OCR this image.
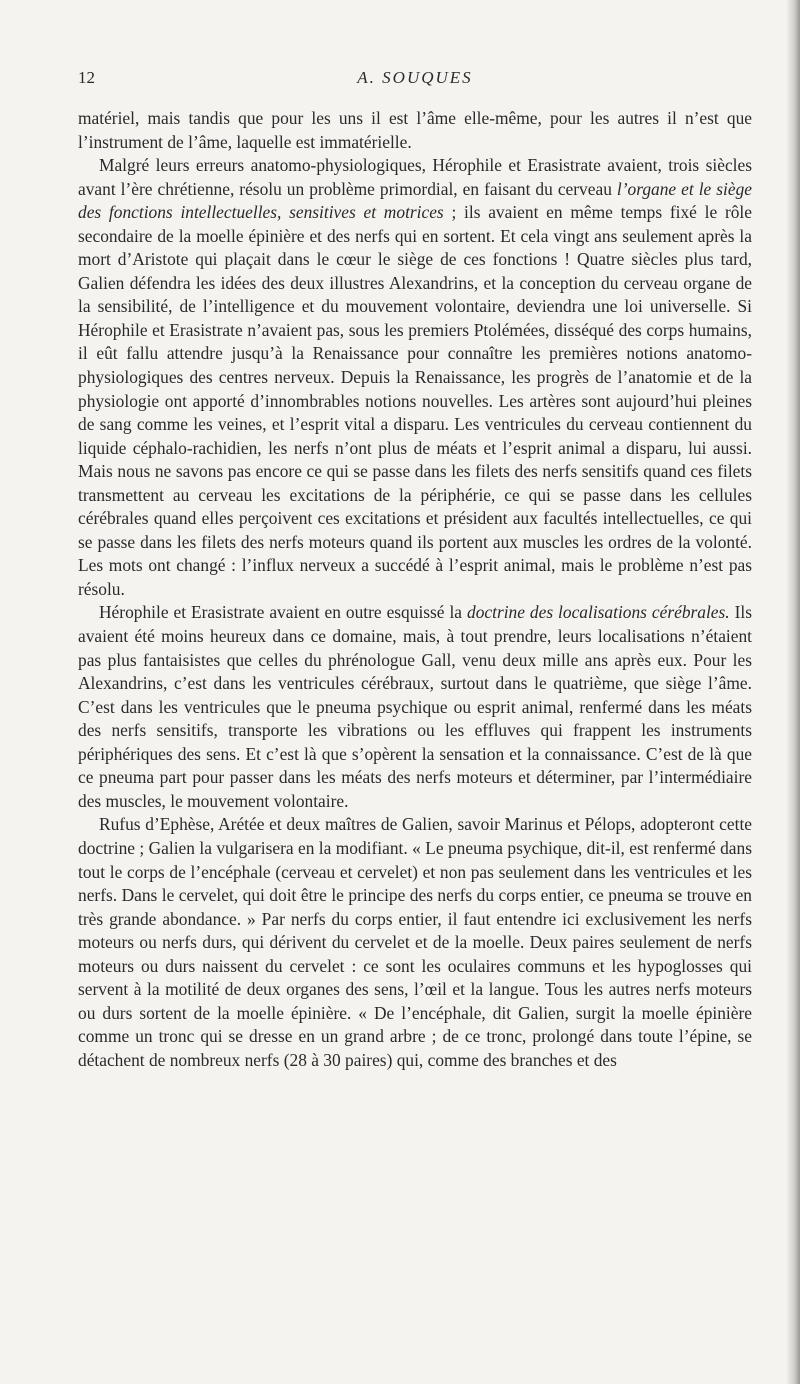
12	A. SOUQUES

matériel, mais tandis que pour les uns il est l’âme elle-même, pour les autres il n’est que l’instrument de l’âme, laquelle est immatérielle.

Malgré leurs erreurs anatomo-physiologiques, Hérophile et Erasistrate avaient, trois siècles avant l’ère chrétienne, résolu un problème primordial, en faisant du cerveau l’organe et le siège des fonctions intellectuelles, sensitives et motrices ; ils avaient en même temps fixé le rôle secondaire de la moelle épinière et des nerfs qui en sortent. Et cela vingt ans seulement après la mort d’Aristote qui plaçait dans le cœur le siège de ces fonctions ! Quatre siècles plus tard, Galien défendra les idées des deux illustres Alexandrins, et la conception du cerveau organe de la sensibilité, de l’intelligence et du mouvement volontaire, deviendra une loi universelle. Si Hérophile et Erasistrate n’avaient pas, sous les premiers Ptolémées, disséqué des corps humains, il eût fallu attendre jusqu’à la Renaissance pour connaître les premières notions anatomo-physiologiques des centres nerveux. Depuis la Renaissance, les progrès de l’anatomie et de la physiologie ont apporté d’innombrables notions nouvelles. Les artères sont aujourd’hui pleines de sang comme les veines, et l’esprit vital a disparu. Les ventricules du cerveau contiennent du liquide céphalo-rachidien, les nerfs n’ont plus de méats et l’esprit animal a disparu, lui aussi. Mais nous ne savons pas encore ce qui se passe dans les filets des nerfs sensitifs quand ces filets transmettent au cerveau les excitations de la périphérie, ce qui se passe dans les cellules cérébrales quand elles perçoivent ces excitations et président aux facultés intellectuelles, ce qui se passe dans les filets des nerfs moteurs quand ils portent aux muscles les ordres de la volonté. Les mots ont changé : l’influx nerveux a succédé à l’esprit animal, mais le problème n’est pas résolu.

Hérophile et Erasistrate avaient en outre esquissé la doctrine des localisations cérébrales. Ils avaient été moins heureux dans ce domaine, mais, à tout prendre, leurs localisations n’étaient pas plus fantaisistes que celles du phrénologue Gall, venu deux mille ans après eux. Pour les Alexandrins, c’est dans les ventricules cérébraux, surtout dans le quatrième, que siège l’âme. C’est dans les ventricules que le pneuma psychique ou esprit animal, renfermé dans les méats des nerfs sensitifs, transporte les vibrations ou les effluves qui frappent les instruments périphériques des sens. Et c’est là que s’opèrent la sensation et la connaissance. C’est de là que ce pneuma part pour passer dans les méats des nerfs moteurs et déterminer, par l’intermédiaire des muscles, le mouvement volontaire.

Rufus d’Ephèse, Arétée et deux maîtres de Galien, savoir Marinus et Pélops, adopteront cette doctrine ; Galien la vulgarisera en la modifiant. « Le pneuma psychique, dit-il, est renfermé dans tout le corps de l’encéphale (cerveau et cervelet) et non pas seulement dans les ventricules et les nerfs. Dans le cervelet, qui doit être le principe des nerfs du corps entier, ce pneuma se trouve en très grande abondance. » Par nerfs du corps entier, il faut entendre ici exclusivement les nerfs moteurs ou nerfs durs, qui dérivent du cervelet et de la moelle. Deux paires seulement de nerfs moteurs ou durs naissent du cervelet : ce sont les oculaires communs et les hypoglosses qui servent à la motilité de deux organes des sens, l’œil et la langue. Tous les autres nerfs moteurs ou durs sortent de la moelle épinière. « De l’encéphale, dit Galien, surgit la moelle épinière comme un tronc qui se dresse en un grand arbre ; de ce tronc, prolongé dans toute l’épine, se détachent de nombreux nerfs (28 à 30 paires) qui, comme des branches et des
